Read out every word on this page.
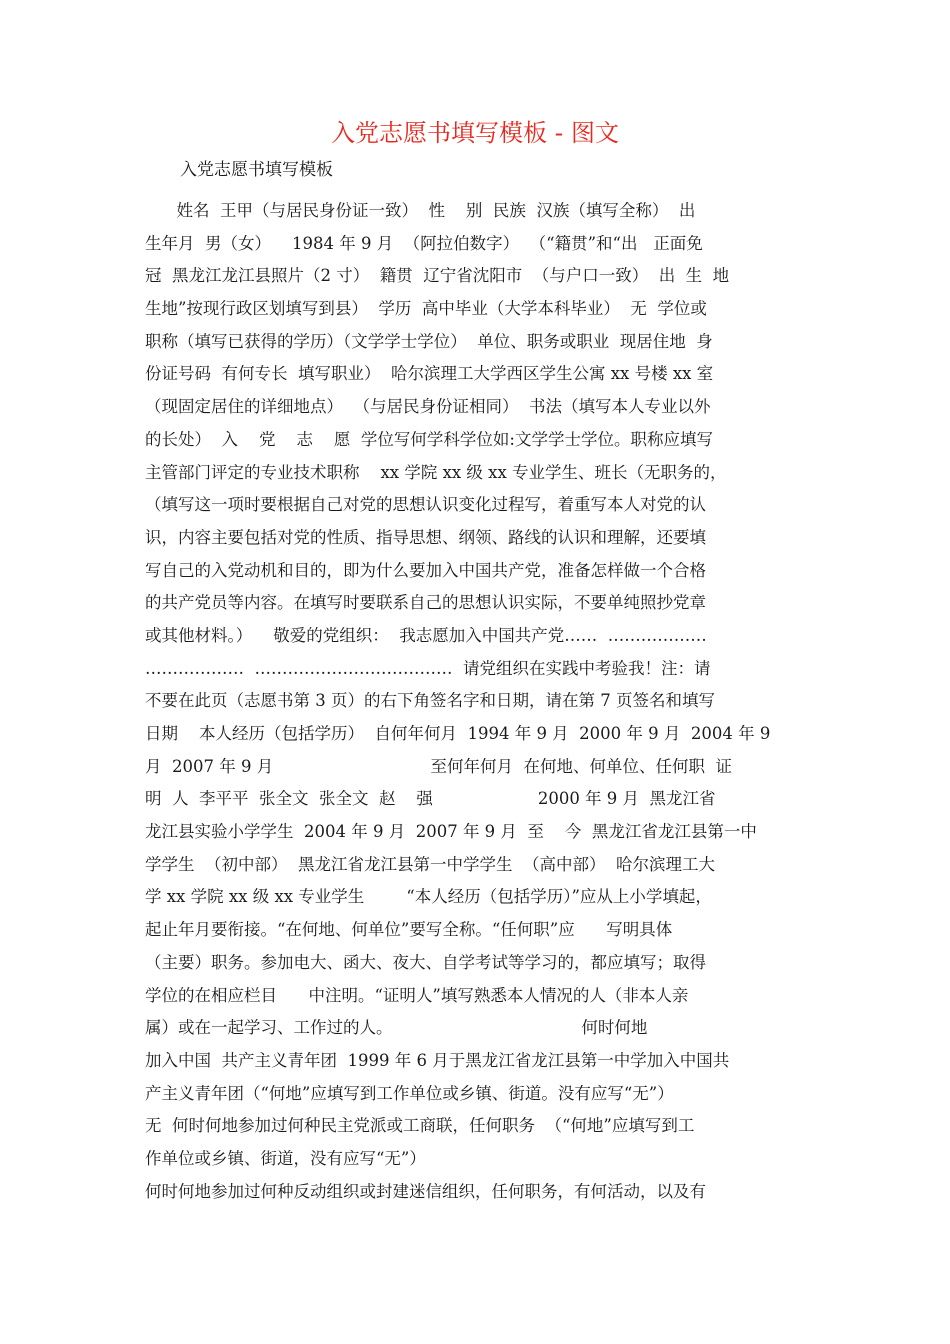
入党志愿书填写模板 - 图文
入党志愿书填写模板
姓名  王甲（与居民身份证一致）  性    别  民族  汉族（填写全称）  出
生年月  男（女）    1984 年 9 月  （阿拉伯数字）  （“籍贯”和“出   正面免
冠  黑龙江龙江县照片（2 寸）  籍贯  辽宁省沈阳市  （与户口一致）  出  生  地
生地”按现行政区划填写到县）  学历  高中毕业（大学本科毕业）  无  学位或
职称（填写已获得的学历）（文学学士学位）  单位、职务或职业  现居住地  身
份证号码  有何专长  填写职业）  哈尔滨理工大学西区学生公寓 xx 号楼 xx 室
（现固定居住的详细地点）  （与居民身份证相同）  书法（填写本人专业以外
的长处）  入    党    志    愿  学位写何学科学位如:文学学士学位。职称应填写
主管部门评定的专业技术职称    xx 学院 xx 级 xx 专业学生、班长（无职务的，
（填写这一项时要根据自己对党的思想认识变化过程写，着重写本人对党的认
识，内容主要包括对党的性质、指导思想、纲领、路线的认识和理解，还要填
写自己的入党动机和目的，即为什么要加入中国共产党，准备怎样做一个合格
的共产党员等内容。在填写时要联系自己的思想认识实际，不要单纯照抄党章
或其他材料。）    敬爱的党组织：  我志愿加入中国共产党……  ………………
………………  ………………………………  请党组织在实践中考验我！注：请
不要在此页（志愿书第 3 页）的右下角签名字和日期，请在第 7 页签名和填写
日期    本人经历（包括学历）  自何年何月  1994 年 9 月  2000 年 9 月  2004 年 9
月  2007 年 9 月                              至何年何月  在何地、何单位、任何职  证
明  人  李平平  张全文  张全文  赵    强                    2000 年 9 月  黑龙江省
龙江县实验小学学生  2004 年 9 月  2007 年 9 月  至    今  黑龙江省龙江县第一中
学学生  （初中部）  黑龙江省龙江县第一中学学生  （高中部）  哈尔滨理工大
学 xx 学院 xx 级 xx 专业学生        “本人经历（包括学历）”应从上小学填起，
起止年月要衔接。“在何地、何单位”要写全称。“任何职”应      写明具体
（主要）职务。参加电大、函大、夜大、自学考试等学习的，都应填写；取得
学位的在相应栏目      中注明。“证明人”填写熟悉本人情况的人（非本人亲
属）或在一起学习、工作过的人。                                    何时何地
加入中国  共产主义青年团  1999 年 6 月于黑龙江省龙江县第一中学加入中国共
产主义青年团（“何地”应填写到工作单位或乡镇、街道。没有应写“无”）
无  何时何地参加过何种民主党派或工商联，任何职务  （“何地”应填写到工
作单位或乡镇、街道，没有应写“无”）
何时何地参加过何种反动组织或封建迷信组织，任何职务，有何活动，以及有
